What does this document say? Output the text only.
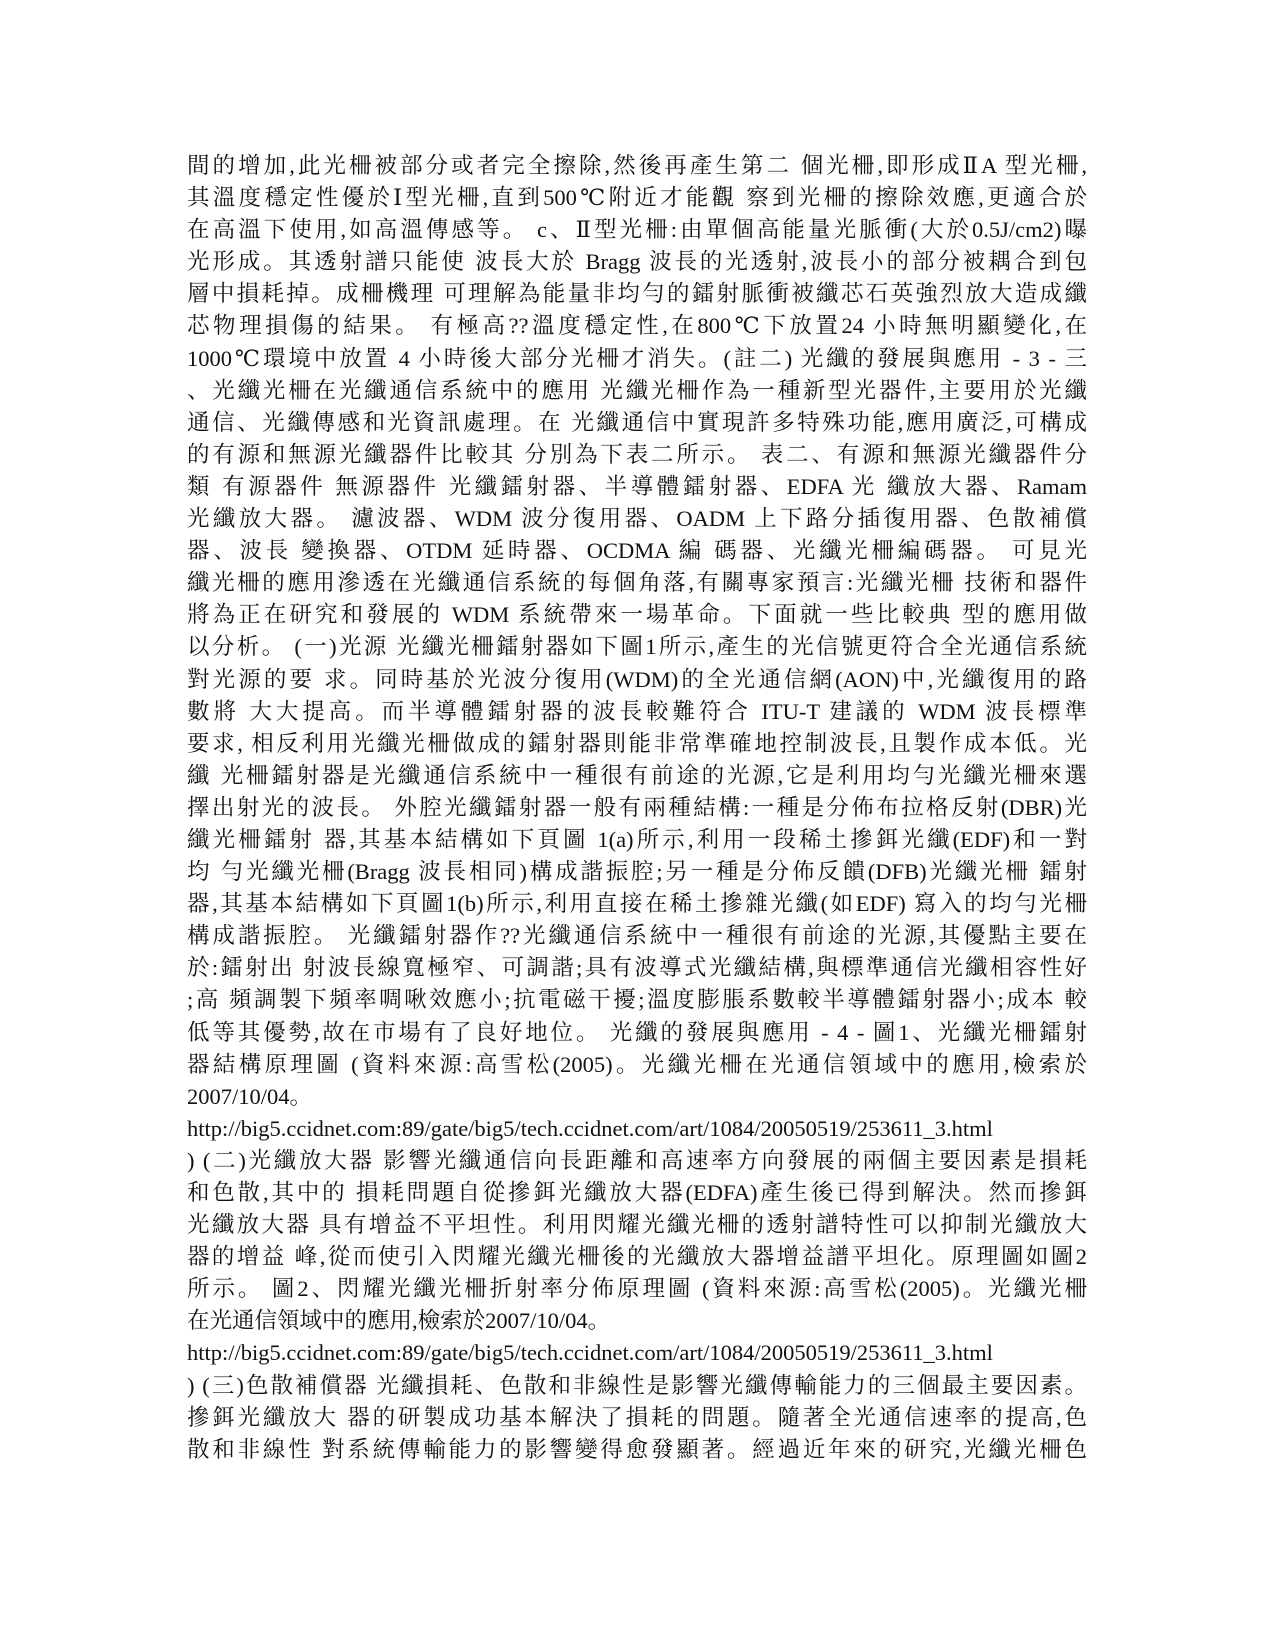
間的增加,此光柵被部分或者完全擦除,然後再產生第二 個光柵,即形成ⅡA 型光柵,
其溫度穩定性優於Ⅰ型光柵,直到500℃附近才能觀 察到光柵的擦除效應,更適合於
在高溫下使用,如高溫傳感等。 c、Ⅱ型光柵:由單個高能量光脈衝(大於0.5J/cm2)曝
光形成。其透射譜只能使 波長大於 Bragg 波長的光透射,波長小的部分被耦合到包
層中損耗掉。成柵機理 可理解為能量非均勻的鐳射脈衝被纖芯石英強烈放大造成纖
芯物理損傷的結果。 有極高??溫度穩定性,在800℃下放置24 小時無明顯變化,在
1000℃環境中放置 4 小時後大部分光柵才消失。(註二) 光纖的發展與應用 - 3 - 三
、光纖光柵在光纖通信系統中的應用 光纖光柵作為一種新型光器件,主要用於光纖
通信、光纖傳感和光資訊處理。在 光纖通信中實現許多特殊功能,應用廣泛,可構成
的有源和無源光纖器件比較其 分別為下表二所示。 表二、有源和無源光纖器件分
類 有源器件 無源器件 光纖鐳射器、半導體鐳射器、EDFA 光 纖放大器、Ramam
光纖放大器。 濾波器、WDM 波分復用器、OADM 上下路分插復用器、色散補償
器、波長 變換器、OTDM 延時器、OCDMA 編 碼器、光纖光柵編碼器。 可見光
纖光柵的應用滲透在光纖通信系統的每個角落,有關專家預言:光纖光柵 技術和器件
將為正在研究和發展的 WDM 系統帶來一場革命。下面就一些比較典 型的應用做
以分析。 (一)光源 光纖光柵鐳射器如下圖1所示,產生的光信號更符合全光通信系統
對光源的要 求。同時基於光波分復用(WDM)的全光通信網(AON)中,光纖復用的路
數將 大大提高。而半導體鐳射器的波長較難符合 ITU-T 建議的 WDM 波長標準
要求, 相反利用光纖光柵做成的鐳射器則能非常準確地控制波長,且製作成本低。光
纖 光柵鐳射器是光纖通信系統中一種很有前途的光源,它是利用均勻光纖光柵來選
擇出射光的波長。 外腔光纖鐳射器一般有兩種結構:一種是分佈布拉格反射(DBR)光
纖光柵鐳射 器,其基本結構如下頁圖 1(a)所示,利用一段稀土摻鉺光纖(EDF)和一對
均 勻光纖光柵(Bragg 波長相同)構成諧振腔;另一種是分佈反饋(DFB)光纖光柵 鐳射
器,其基本結構如下頁圖1(b)所示,利用直接在稀土摻雜光纖(如EDF) 寫入的均勻光柵
構成諧振腔。 光纖鐳射器作??光纖通信系統中一種很有前途的光源,其優點主要在
於:鐳射出 射波長線寬極窄、可調諧;具有波導式光纖結構,與標準通信光纖相容性好
;高 頻調製下頻率啁啾效應小;抗電磁干擾;溫度膨脹系數較半導體鐳射器小;成本 較
低等其優勢,故在市場有了良好地位。 光纖的發展與應用 - 4 - 圖1、光纖光柵鐳射
器結構原理圖 (資料來源:高雪松(2005)。光纖光柵在光通信領域中的應用,檢索於
2007/10/04。
http://big5.ccidnet.com:89/gate/big5/tech.ccidnet.com/art/1084/20050519/253611_3.html
) (二)光纖放大器 影響光纖通信向長距離和高速率方向發展的兩個主要因素是損耗
和色散,其中的 損耗問題自從摻鉺光纖放大器(EDFA)產生後已得到解決。然而摻鉺
光纖放大器 具有增益不平坦性。利用閃耀光纖光柵的透射譜特性可以抑制光纖放大
器的增益 峰,從而使引入閃耀光纖光柵後的光纖放大器增益譜平坦化。原理圖如圖2
所示。 圖2、閃耀光纖光柵折射率分佈原理圖 (資料來源:高雪松(2005)。光纖光柵
在光通信領域中的應用,檢索於2007/10/04。
http://big5.ccidnet.com:89/gate/big5/tech.ccidnet.com/art/1084/20050519/253611_3.html
) (三)色散補償器 光纖損耗、色散和非線性是影響光纖傳輸能力的三個最主要因素。
摻鉺光纖放大 器的研製成功基本解決了損耗的問題。隨著全光通信速率的提高,色
散和非線性 對系統傳輸能力的影響變得愈發顯著。經過近年來的研究,光纖光柵色
